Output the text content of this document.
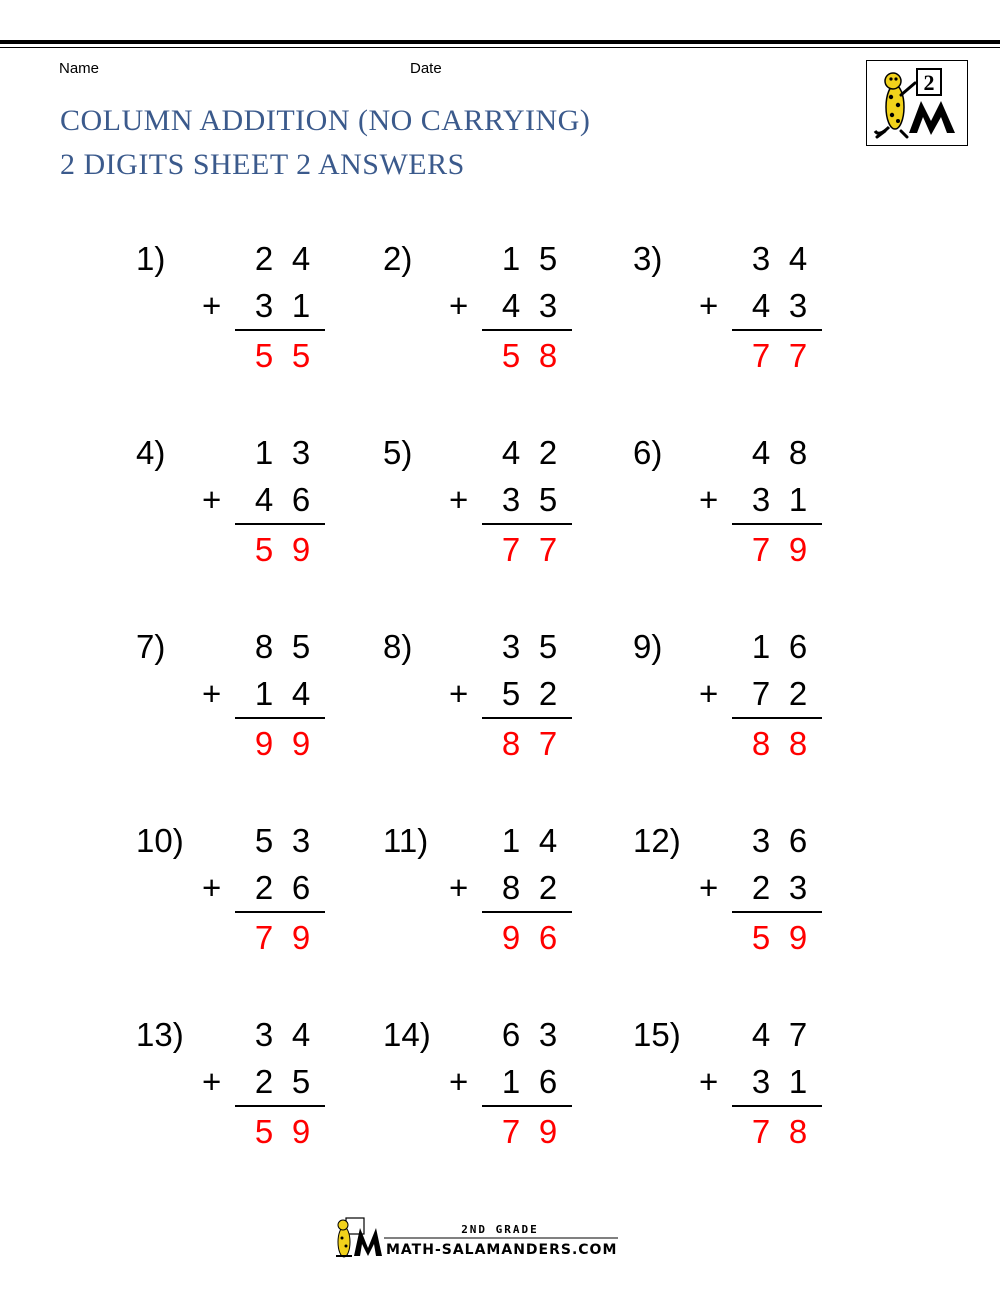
Name	Date
COLUMN ADDITION (NO CARRYING)
2 DIGITS SHEET 2 ANSWERS
2
1)	2 4
3 1
5 5
+
2)	1 5
4 3
5 8
+
3)	3 4
4 3
7 7
+
4)	1 3
4 6
5 9
+
5)	4 2
3 5
7 7
+
6)	4 8
3 1
7 9
+
7)	8 5
1 4
9 9
+
8)	3 5
5 2
8 7
+
9)	1 6
7 2
8 8
+
10) 5 3
2 6
7 9
+
11) 1 4
8 2
9 6
+
12) 3 6
2 3
5 9
+
13) 3 4
2 5
5 9
+
14) 6 3
1 6
7 9
+
15) 4 7
3 1
7 8
+
2ND GRADE
MATH-SALAMANDERS.COM
